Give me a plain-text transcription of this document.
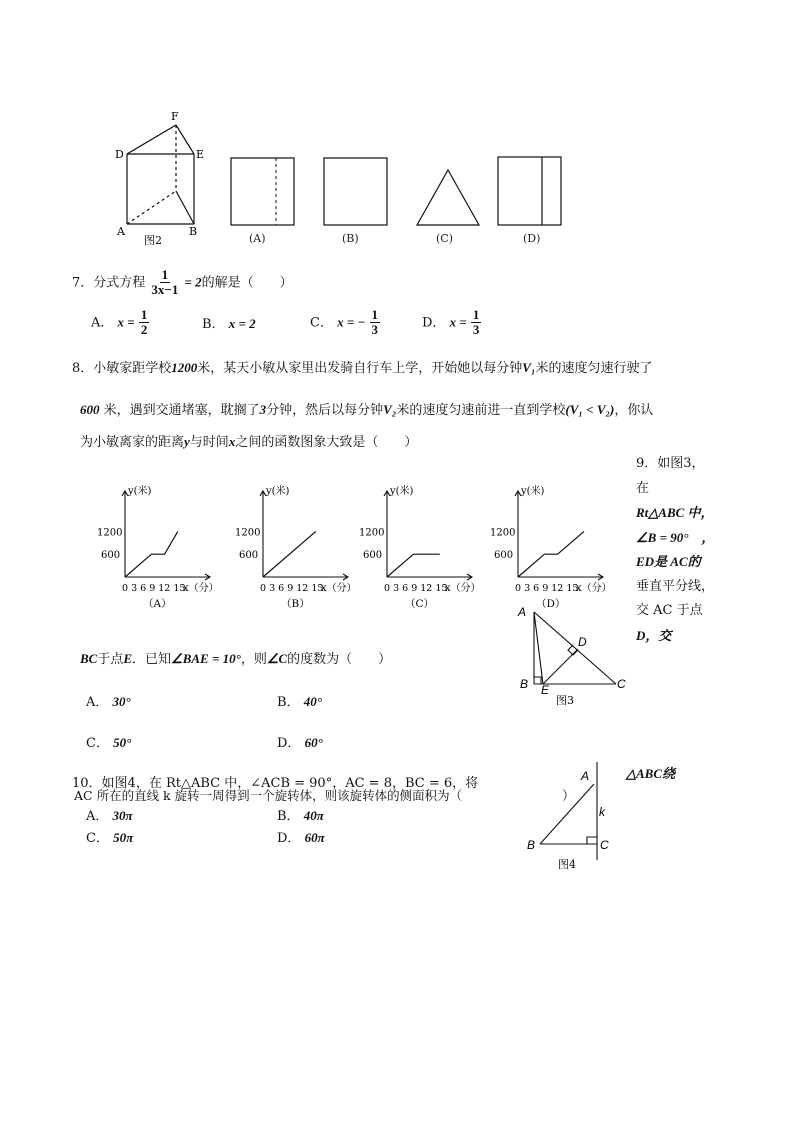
D	E
F
A	B
图2	(A)	(B)	(C)	(D)
7．分式方程 $\frac{1}{3x-1} = 2$的解是（　　）
A． $x = \frac{1}{2}$	B． x = 2	C． x = − $\frac{1}{3}$	D． $x = \frac{1}{3}$
8．小敏家距学校1200米，某天小敏从家里出发骑自行车上学，开始她以每分钟V₁米的速度匀速行驶了
600 米，遇到交通堵塞，耽搁了3分钟，然后以每分钟V₂米的速度匀速前进一直到学校(V₁ < V₂)，你认
为小敏离家的距离y与时间x之间的函数图象大致是（　　）
y(米)
1200
600
0 3 6 9 12 15
x（分）
（A）
y(米)
1200
600
0 3 6 9 12 15
x（分）
（B）
y(米)
1200
600
0 3 6 9 12 15
x（分）
（C）
y(米)
1200
600
0 3 6 9 12 15
x（分）
（D）
9．如图3，
在
Rt△ABC 中，
∠B = 90°　，
ED是 AC的
垂直平分线，
交 AC 于点
D，交
A
B	C
D
E
图3
BC于点E．已知∠BAE = 10°，则∠C的度数为（　　）
A． 30°	B． 40°
C． 50°	D． 60°
10．如图4，在 Rt△ABC 中，∠ACB = 90°，AC = 8，BC = 6，将
△ABC绕
AC 所在的直线 k 旋转一周得到一个旋转体，则该旋转体的侧面积为（　　　　　　　　）
A． 30π	B． 40π
C． 50π	D． 60π
A
B	C
k
图4
